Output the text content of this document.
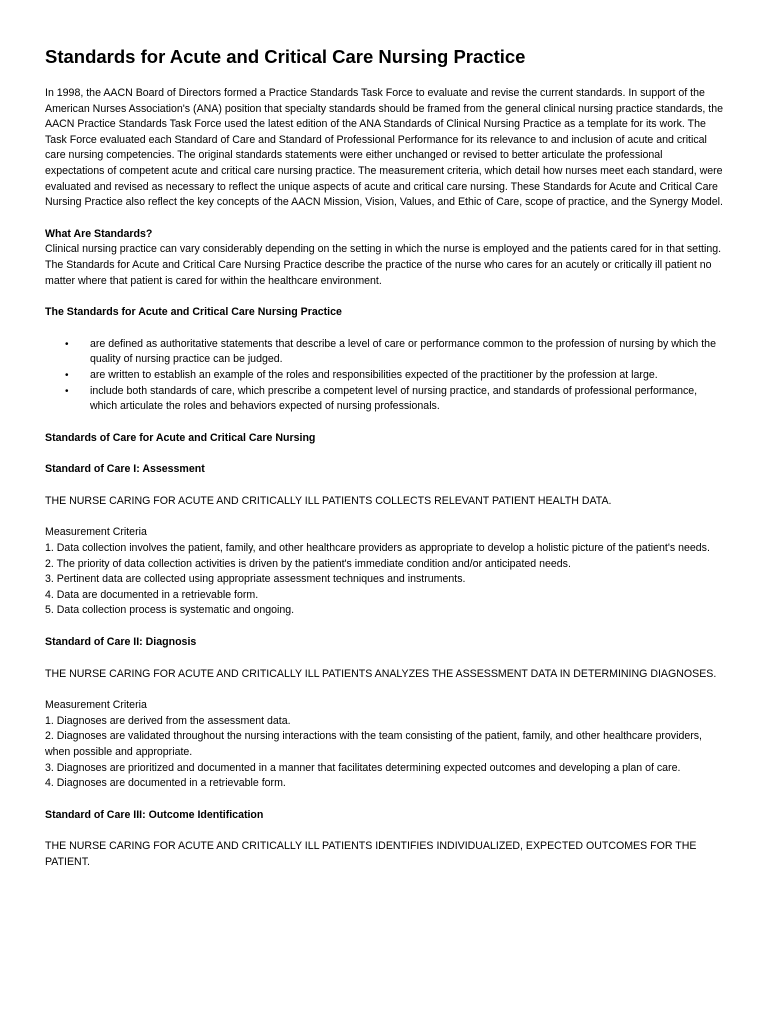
Standards for Acute and Critical Care Nursing Practice

In 1998, the AACN Board of Directors formed a Practice Standards Task Force to evaluate and revise the current standards. In support of the American Nurses Association's (ANA) position that specialty standards should be framed from the general clinical nursing practice standards, the AACN Practice Standards Task Force used the latest edition of the ANA Standards of Clinical Nursing Practice as a template for its work. The Task Force evaluated each Standard of Care and Standard of Professional Performance for its relevance to and inclusion of acute and critical care nursing competencies. The original standards statements were either unchanged or revised to better articulate the professional expectations of competent acute and critical care nursing practice. The measurement criteria, which detail how nurses meet each standard, were evaluated and revised as necessary to reflect the unique aspects of acute and critical care nursing. These Standards for Acute and Critical Care Nursing Practice also reflect the key concepts of the AACN Mission, Vision, Values, and Ethic of Care, scope of practice, and the Synergy Model.

What Are Standards?

Clinical nursing practice can vary considerably depending on the setting in which the nurse is employed and the patients cared for in that setting. The Standards for Acute and Critical Care Nursing Practice describe the practice of the nurse who cares for an acutely or critically ill patient no matter where that patient is cared for within the healthcare environment.

The Standards for Acute and Critical Care Nursing Practice

• are defined as authoritative statements that describe a level of care or performance common to the profession of nursing by which the quality of nursing practice can be judged.
• are written to establish an example of the roles and responsibilities expected of the practitioner by the profession at large.
• include both standards of care, which prescribe a competent level of nursing practice, and standards of professional performance, which articulate the roles and behaviors expected of nursing professionals.

Standards of Care for Acute and Critical Care Nursing

Standard of Care I: Assessment

THE NURSE CARING FOR ACUTE AND CRITICALLY ILL PATIENTS COLLECTS RELEVANT PATIENT HEALTH DATA.

Measurement Criteria
1. Data collection involves the patient, family, and other healthcare providers as appropriate to develop a holistic picture of the patient's needs.
2. The priority of data collection activities is driven by the patient's immediate condition and/or anticipated needs.
3. Pertinent data are collected using appropriate assessment techniques and instruments.
4. Data are documented in a retrievable form.
5. Data collection process is systematic and ongoing.

Standard of Care II: Diagnosis

THE NURSE CARING FOR ACUTE AND CRITICALLY ILL PATIENTS ANALYZES THE ASSESSMENT DATA IN DETERMINING DIAGNOSES.

Measurement Criteria
1. Diagnoses are derived from the assessment data.
2. Diagnoses are validated throughout the nursing interactions with the team consisting of the patient, family, and other healthcare providers, when possible and appropriate.
3. Diagnoses are prioritized and documented in a manner that facilitates determining expected outcomes and developing a plan of care.
4. Diagnoses are documented in a retrievable form.

Standard of Care III: Outcome Identification

THE NURSE CARING FOR ACUTE AND CRITICALLY ILL PATIENTS IDENTIFIES INDIVIDUALIZED, EXPECTED OUTCOMES FOR THE PATIENT.
